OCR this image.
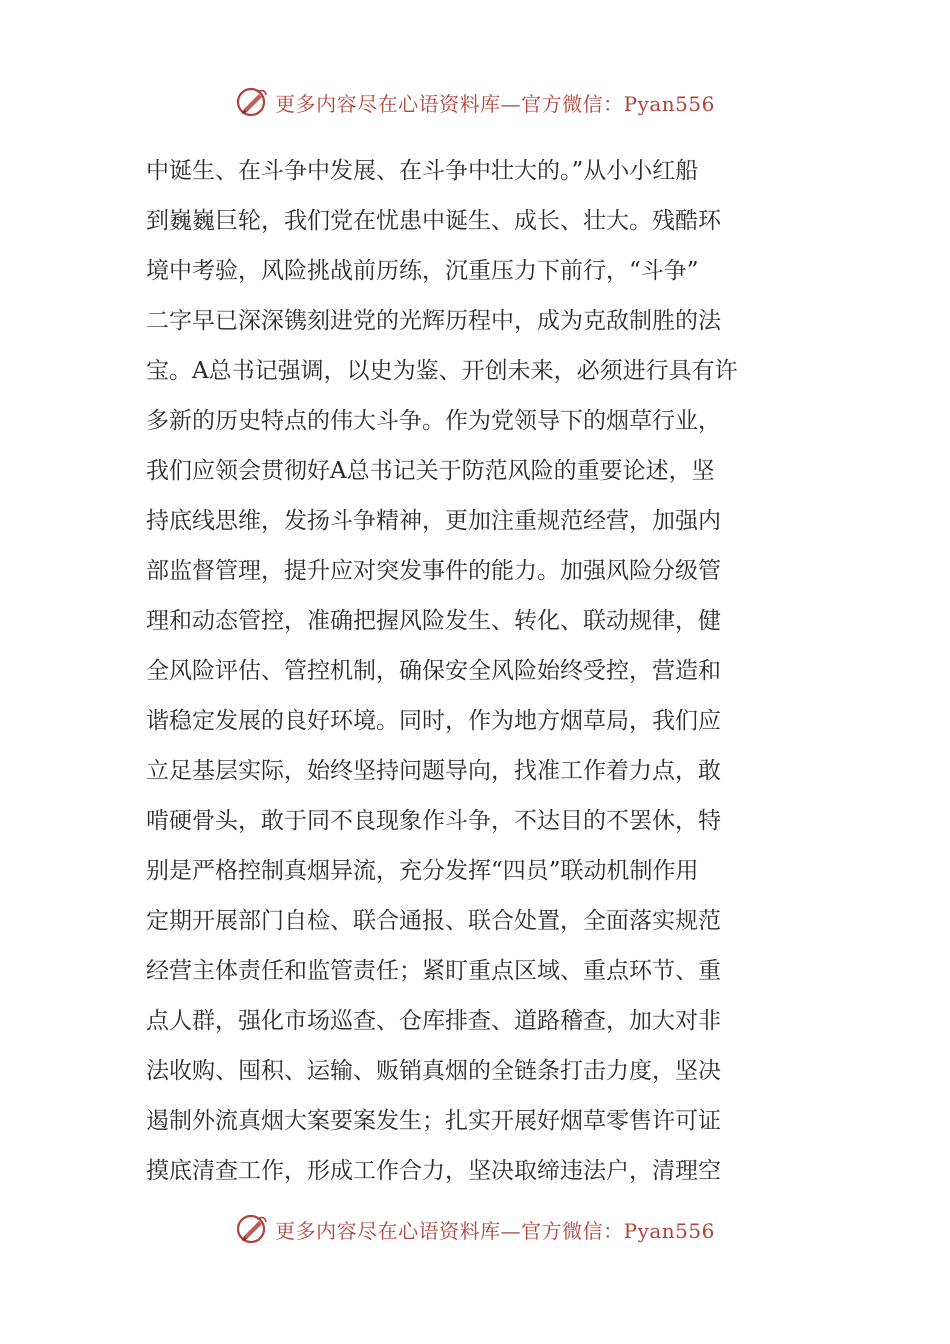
更多内容尽在心语资料库—官方微信：Pyan556
中诞生、在斗争中发展、在斗争中壮大的。”从小小红船
到巍巍巨轮，我们党在忧患中诞生、成长、壮大。残酷环
境中考验，风险挑战前历练，沉重压力下前行，“斗争”
二字早已深深镌刻进党的光辉历程中，成为克敌制胜的法
宝。A总书记强调，以史为鉴、开创未来，必须进行具有许
多新的历史特点的伟大斗争。作为党领导下的烟草行业，
我们应领会贯彻好A总书记关于防范风险的重要论述，坚
持底线思维，发扬斗争精神，更加注重规范经营，加强内
部监督管理，提升应对突发事件的能力。加强风险分级管
理和动态管控，准确把握风险发生、转化、联动规律，健
全风险评估、管控机制，确保安全风险始终受控，营造和
谐稳定发展的良好环境。同时，作为地方烟草局，我们应
立足基层实际，始终坚持问题导向，找准工作着力点，敢
啃硬骨头，敢于同不良现象作斗争，不达目的不罢休，特
别是严格控制真烟异流，充分发挥“四员”联动机制作用
定期开展部门自检、联合通报、联合处置，全面落实规范
经营主体责任和监管责任；紧盯重点区域、重点环节、重
点人群，强化市场巡查、仓库排查、道路稽查，加大对非
法收购、囤积、运输、贩销真烟的全链条打击力度，坚决
遏制外流真烟大案要案发生；扎实开展好烟草零售许可证
摸底清查工作，形成工作合力，坚决取缔违法户，清理空
更多内容尽在心语资料库—官方微信：Pyan556
